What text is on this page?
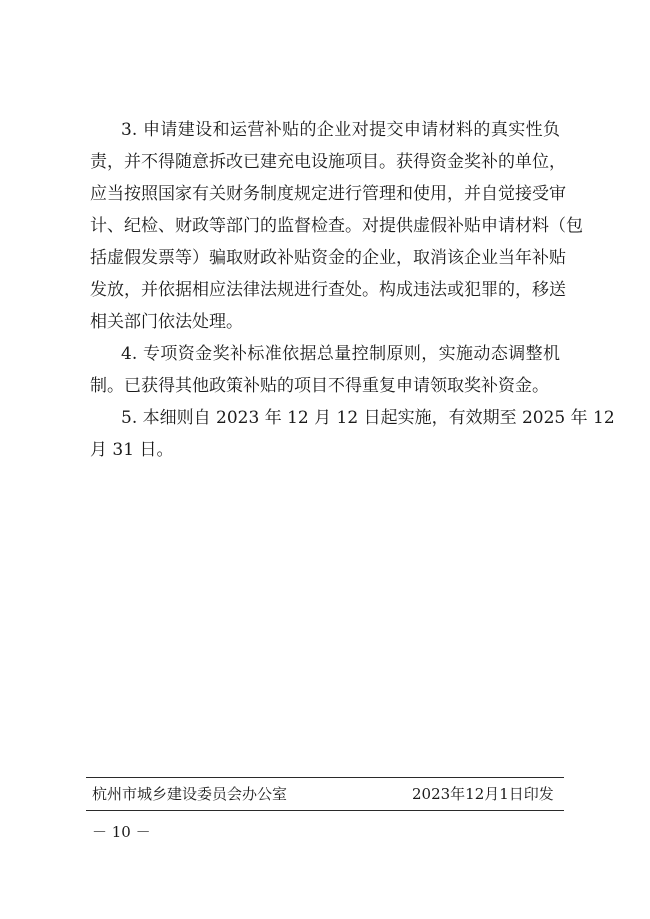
3. 申请建设和运营补贴的企业对提交申请材料的真实性负
责，并不得随意拆改已建充电设施项目。获得资金奖补的单位，
应当按照国家有关财务制度规定进行管理和使用，并自觉接受审
计、纪检、财政等部门的监督检查。对提供虚假补贴申请材料（包
括虚假发票等）骗取财政补贴资金的企业，取消该企业当年补贴
发放，并依据相应法律法规进行查处。构成违法或犯罪的，移送
相关部门依法处理。
4. 专项资金奖补标准依据总量控制原则，实施动态调整机
制。已获得其他政策补贴的项目不得重复申请领取奖补资金。
5. 本细则自 2023 年 12 月 12 日起实施，有效期至 2025 年 12
月 31 日。
杭州市城乡建设委员会办公室	2023年12月1日印发
－ 10 －
